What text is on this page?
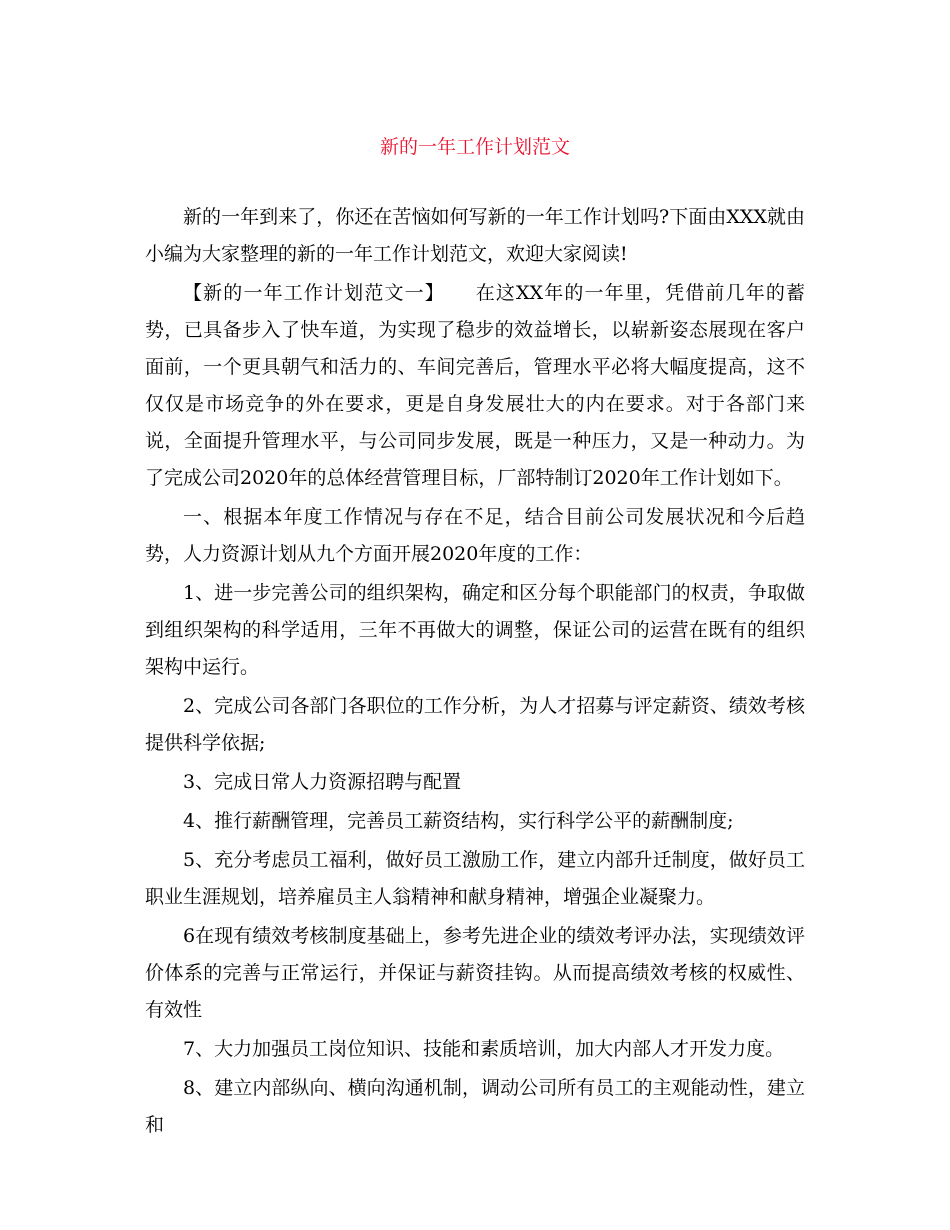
新的一年工作计划范文

新的一年到来了，你还在苦恼如何写新的一年工作计划吗?下面由XXX就由小编为大家整理的新的一年工作计划范文，欢迎大家阅读!

【新的一年工作计划范文一】　　在这XX年的一年里，凭借前几年的蓄势，已具备步入了快车道，为实现了稳步的效益增长，以崭新姿态展现在客户面前，一个更具朝气和活力的、车间完善后，管理水平必将大幅度提高，这不仅仅是市场竞争的外在要求，更是自身发展壮大的内在要求。对于各部门来说，全面提升管理水平，与公司同步发展，既是一种压力，又是一种动力。为了完成公司2020年的总体经营管理目标，厂部特制订2020年工作计划如下。

一、根据本年度工作情况与存在不足，结合目前公司发展状况和今后趋势，人力资源计划从九个方面开展2020年度的工作：

1、进一步完善公司的组织架构，确定和区分每个职能部门的权责，争取做到组织架构的科学适用，三年不再做大的调整，保证公司的运营在既有的组织架构中运行。

2、完成公司各部门各职位的工作分析，为人才招募与评定薪资、绩效考核提供科学依据;

3、完成日常人力资源招聘与配置

4、推行薪酬管理，完善员工薪资结构，实行科学公平的薪酬制度;

5、充分考虑员工福利，做好员工激励工作，建立内部升迁制度，做好员工职业生涯规划，培养雇员主人翁精神和献身精神，增强企业凝聚力。

6在现有绩效考核制度基础上，参考先进企业的绩效考评办法，实现绩效评价体系的完善与正常运行，并保证与薪资挂钩。从而提高绩效考核的权威性、有效性

7、大力加强员工岗位知识、技能和素质培训，加大内部人才开发力度。

8、建立内部纵向、横向沟通机制，调动公司所有员工的主观能动性，建立和
